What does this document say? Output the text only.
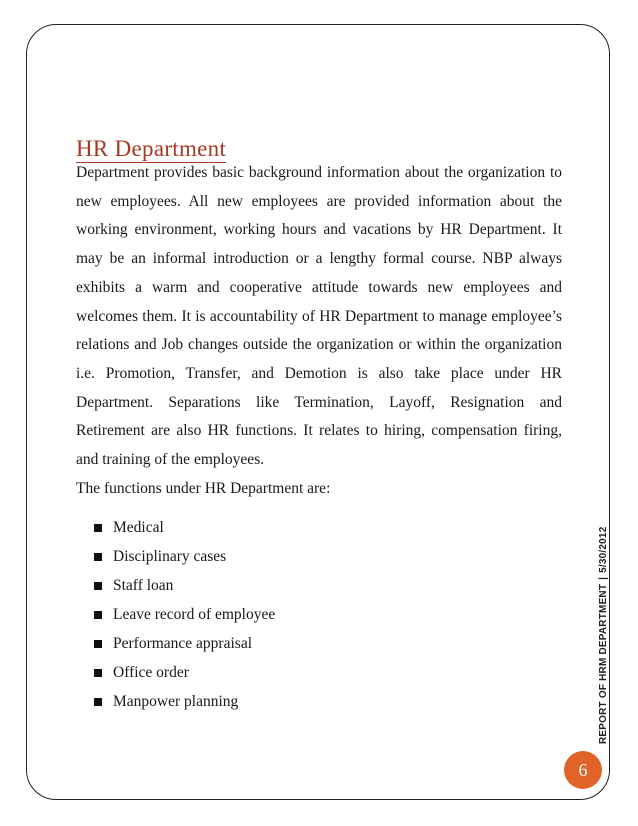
HR Department

Department provides basic background information about the organization to new employees. All new employees are provided information about the working environment, working hours and vacations by HR Department. It may be an informal introduction or a lengthy formal course. NBP always exhibits a warm and cooperative attitude towards new employees and welcomes them. It is accountability of HR Department to manage employee’s relations and Job changes outside the organization or within the organization i.e. Promotion, Transfer, and Demotion is also take place under HR Department. Separations like Termination, Layoff, Resignation and Retirement are also HR functions. It relates to hiring, compensation firing, and training of the employees.

The functions under HR Department are:

Medical
Disciplinary cases
Staff loan
Leave record of employee
Performance appraisal
Office order
Manpower planning	REPORT OF HRM DEPARTMENT|5/30/2012
6
